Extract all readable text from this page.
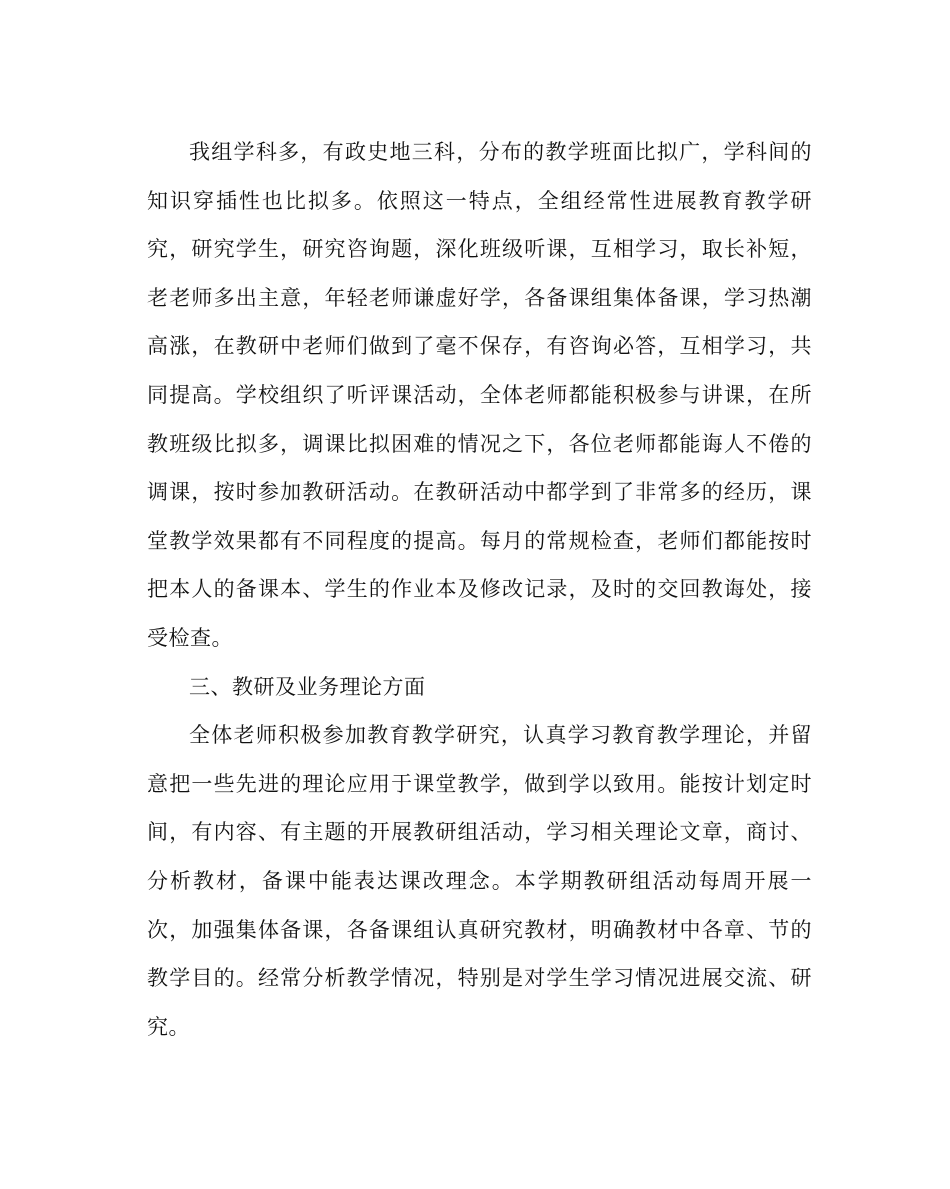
我组学科多，有政史地三科，分布的教学班面比拟广，学科间的知识穿插性也比拟多。依照这一特点，全组经常性进展教育教学研究，研究学生，研究咨询题，深化班级听课，互相学习，取长补短，老老师多出主意，年轻老师谦虚好学，各备课组集体备课，学习热潮高涨，在教研中老师们做到了毫不保存，有咨询必答，互相学习，共同提高。学校组织了听评课活动，全体老师都能积极参与讲课，在所教班级比拟多，调课比拟困难的情况之下，各位老师都能诲人不倦的调课，按时参加教研活动。在教研活动中都学到了非常多的经历，课堂教学效果都有不同程度的提高。每月的常规检查，老师们都能按时把本人的备课本、学生的作业本及修改记录，及时的交回教诲处，接受检查。

三、教研及业务理论方面

全体老师积极参加教育教学研究，认真学习教育教学理论，并留意把一些先进的理论应用于课堂教学，做到学以致用。能按计划定时间，有内容、有主题的开展教研组活动，学习相关理论文章，商讨、分析教材，备课中能表达课改理念。本学期教研组活动每周开展一次，加强集体备课，各备课组认真研究教材，明确教材中各章、节的教学目的。经常分析教学情况，特别是对学生学习情况进展交流、研究。
